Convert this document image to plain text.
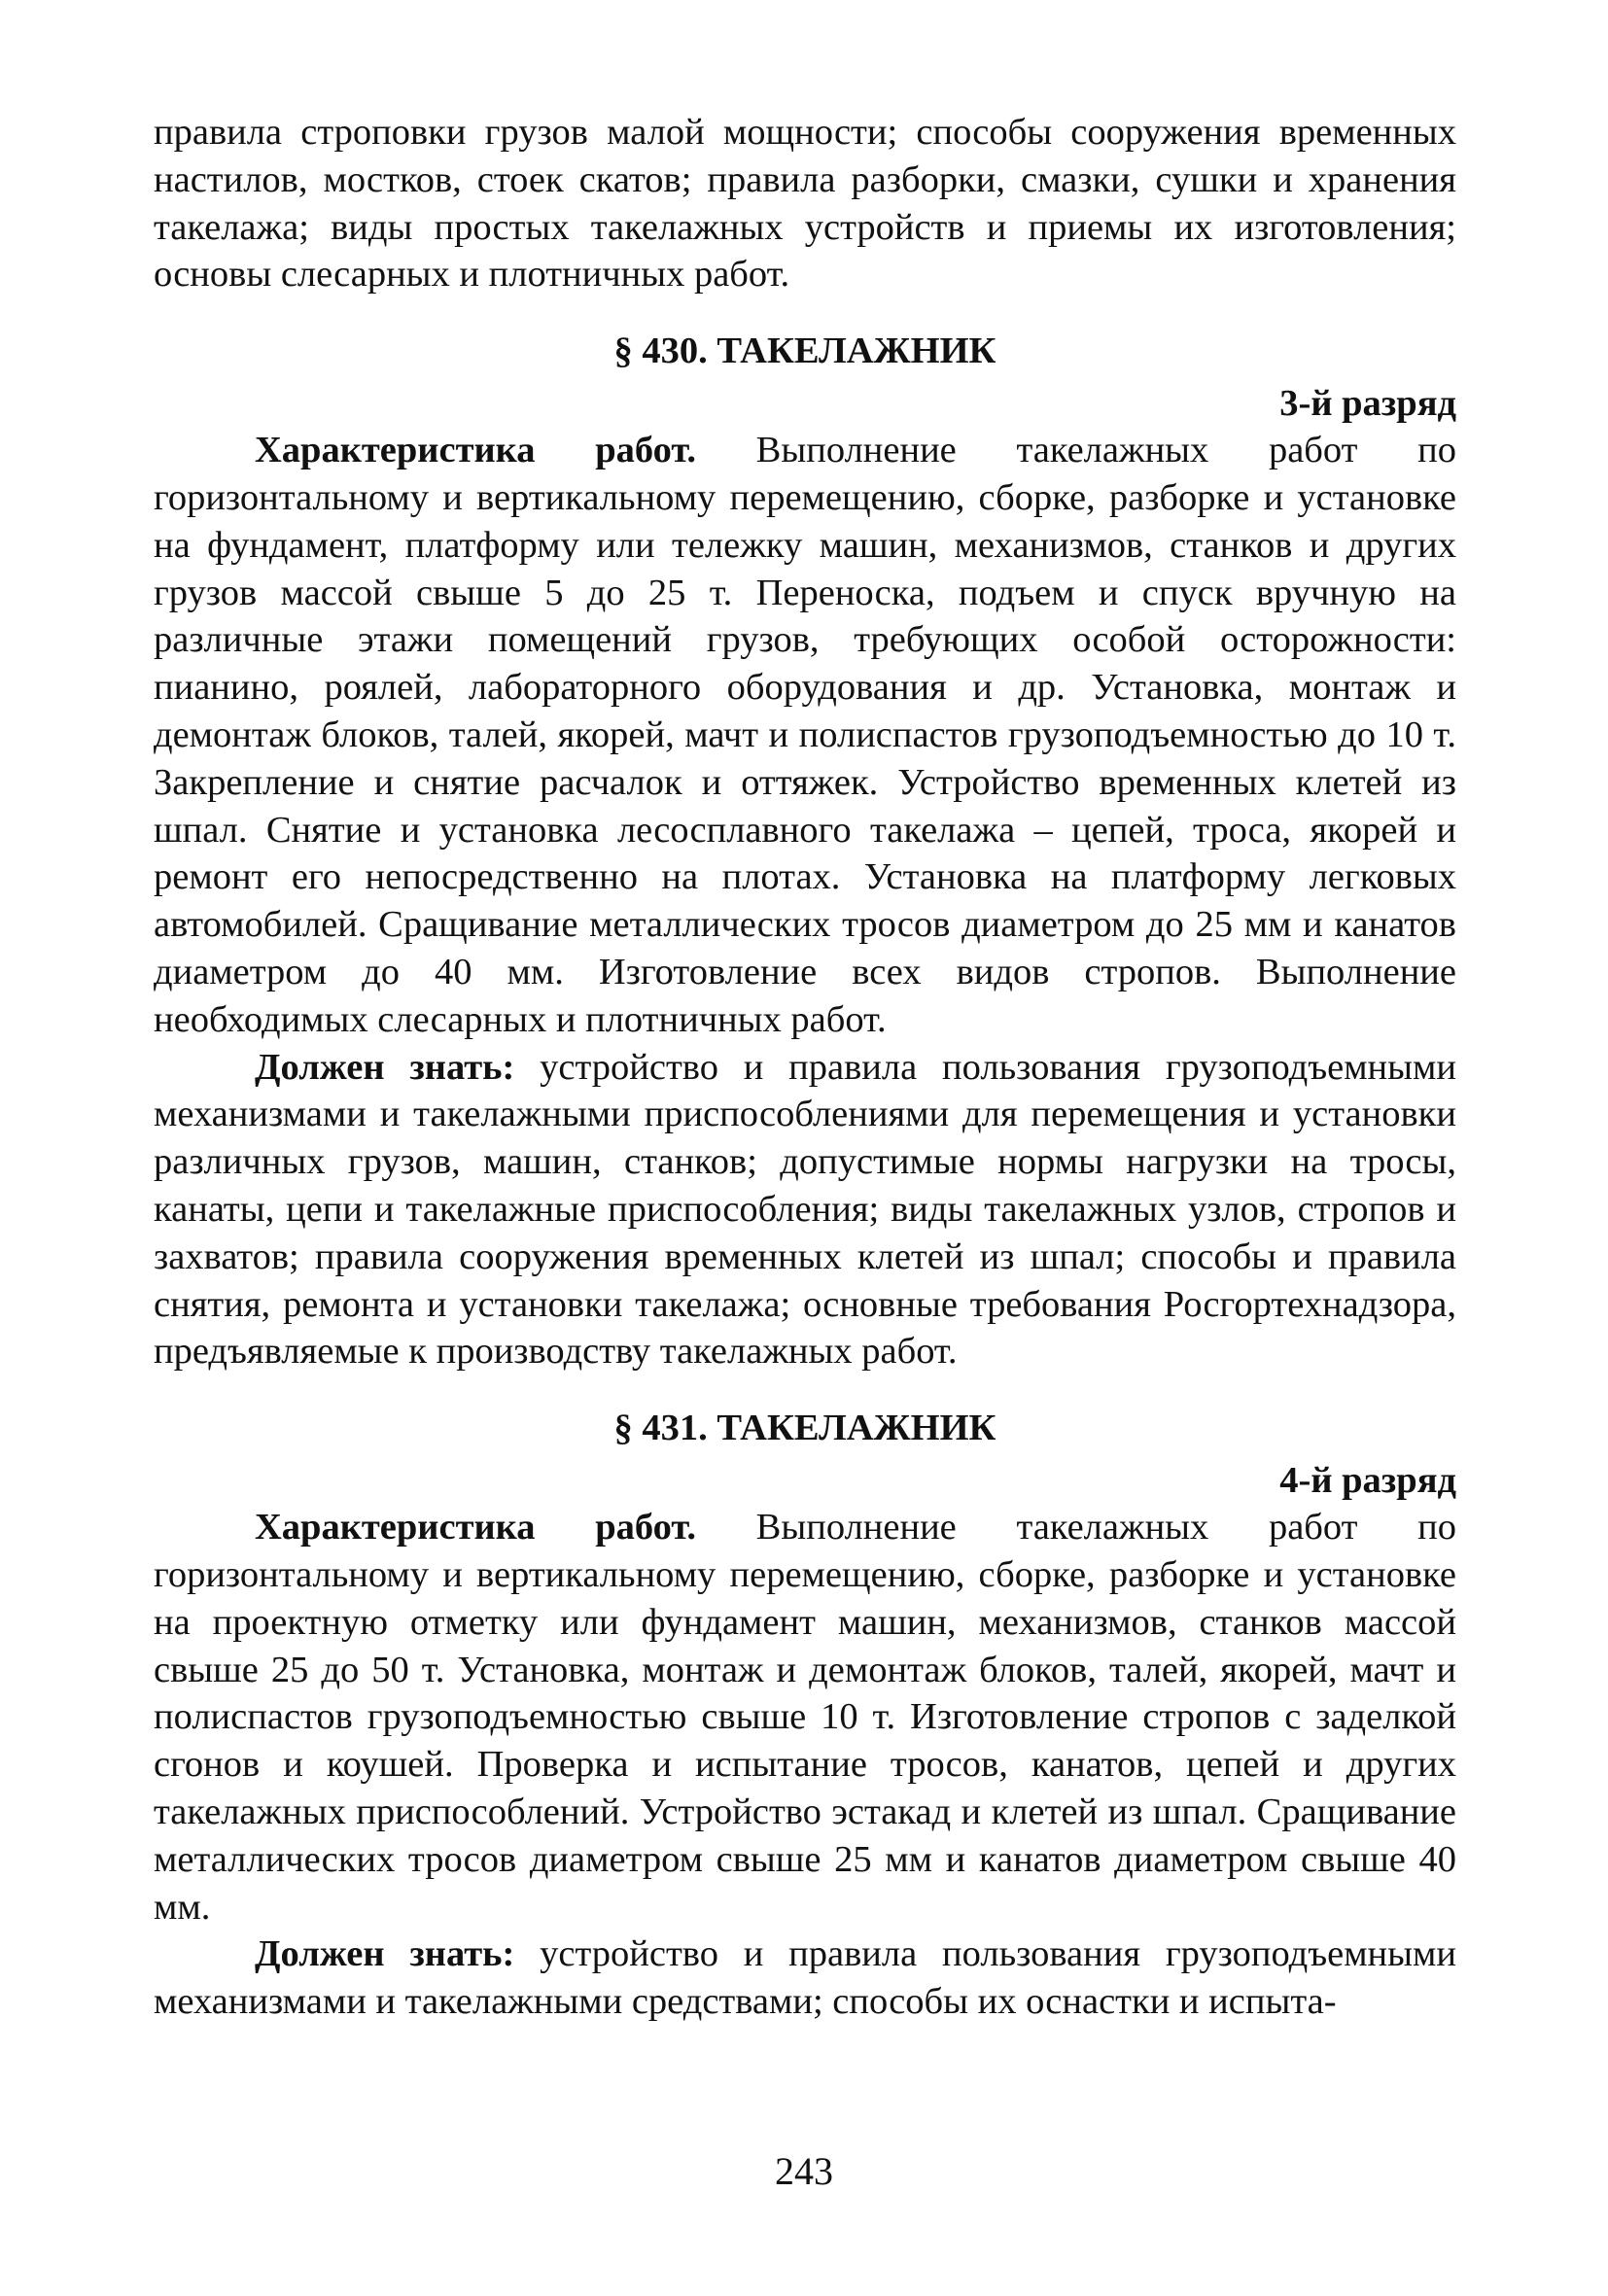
правила строповки грузов малой мощности; способы сооружения временных настилов, мостков, стоек скатов; правила разборки, смазки, сушки и хранения такелажа; виды простых такелажных устройств и приемы их изготовления; основы слесарных и плотничных работ.

§ 430. ТАКЕЛАЖНИК
3-й разряд

Характеристика работ. Выполнение такелажных работ по горизонтальному и вертикальному перемещению, сборке, разборке и установке на фундамент, платформу или тележку машин, механизмов, станков и других грузов массой свыше 5 до 25 т. Переноска, подъем и спуск вручную на различные этажи помещений грузов, требующих особой осторожности: пианино, роялей, лабораторного оборудования и др. Установка, монтаж и демонтаж блоков, талей, якорей, мачт и полиспастов грузоподъемностью до 10 т. Закрепление и снятие расчалок и оттяжек. Устройство временных клетей из шпал. Снятие и установка лесосплавного такелажа – цепей, троса, якорей и ремонт его непосредственно на плотах. Установка на платформу легковых автомобилей. Сращивание металлических тросов диаметром до 25 мм и канатов диаметром до 40 мм. Изготовление всех видов стропов. Выполнение необходимых слесарных и плотничных работ.

Должен знать: устройство и правила пользования грузоподъемными механизмами и такелажными приспособлениями для перемещения и установки различных грузов, машин, станков; допустимые нормы нагрузки на тросы, канаты, цепи и такелажные приспособления; виды такелажных узлов, стропов и захватов; правила сооружения временных клетей из шпал; способы и правила снятия, ремонта и установки такелажа; основные требования Росгортехнадзора, предъявляемые к производству такелажных работ.

§ 431. ТАКЕЛАЖНИК
4-й разряд

Характеристика работ. Выполнение такелажных работ по горизонтальному и вертикальному перемещению, сборке, разборке и установке на проектную отметку или фундамент машин, механизмов, станков массой свыше 25 до 50 т. Установка, монтаж и демонтаж блоков, талей, якорей, мачт и полиспастов грузоподъемностью свыше 10 т. Изготовление стропов с заделкой сгонов и коушей. Проверка и испытание тросов, канатов, цепей и других такелажных приспособлений. Устройство эстакад и клетей из шпал. Сращивание металлических тросов диаметром свыше 25 мм и канатов диаметром свыше 40 мм.

Должен знать: устройство и правила пользования грузоподъемными механизмами и такелажными средствами; способы их оснастки и испыта-

243
